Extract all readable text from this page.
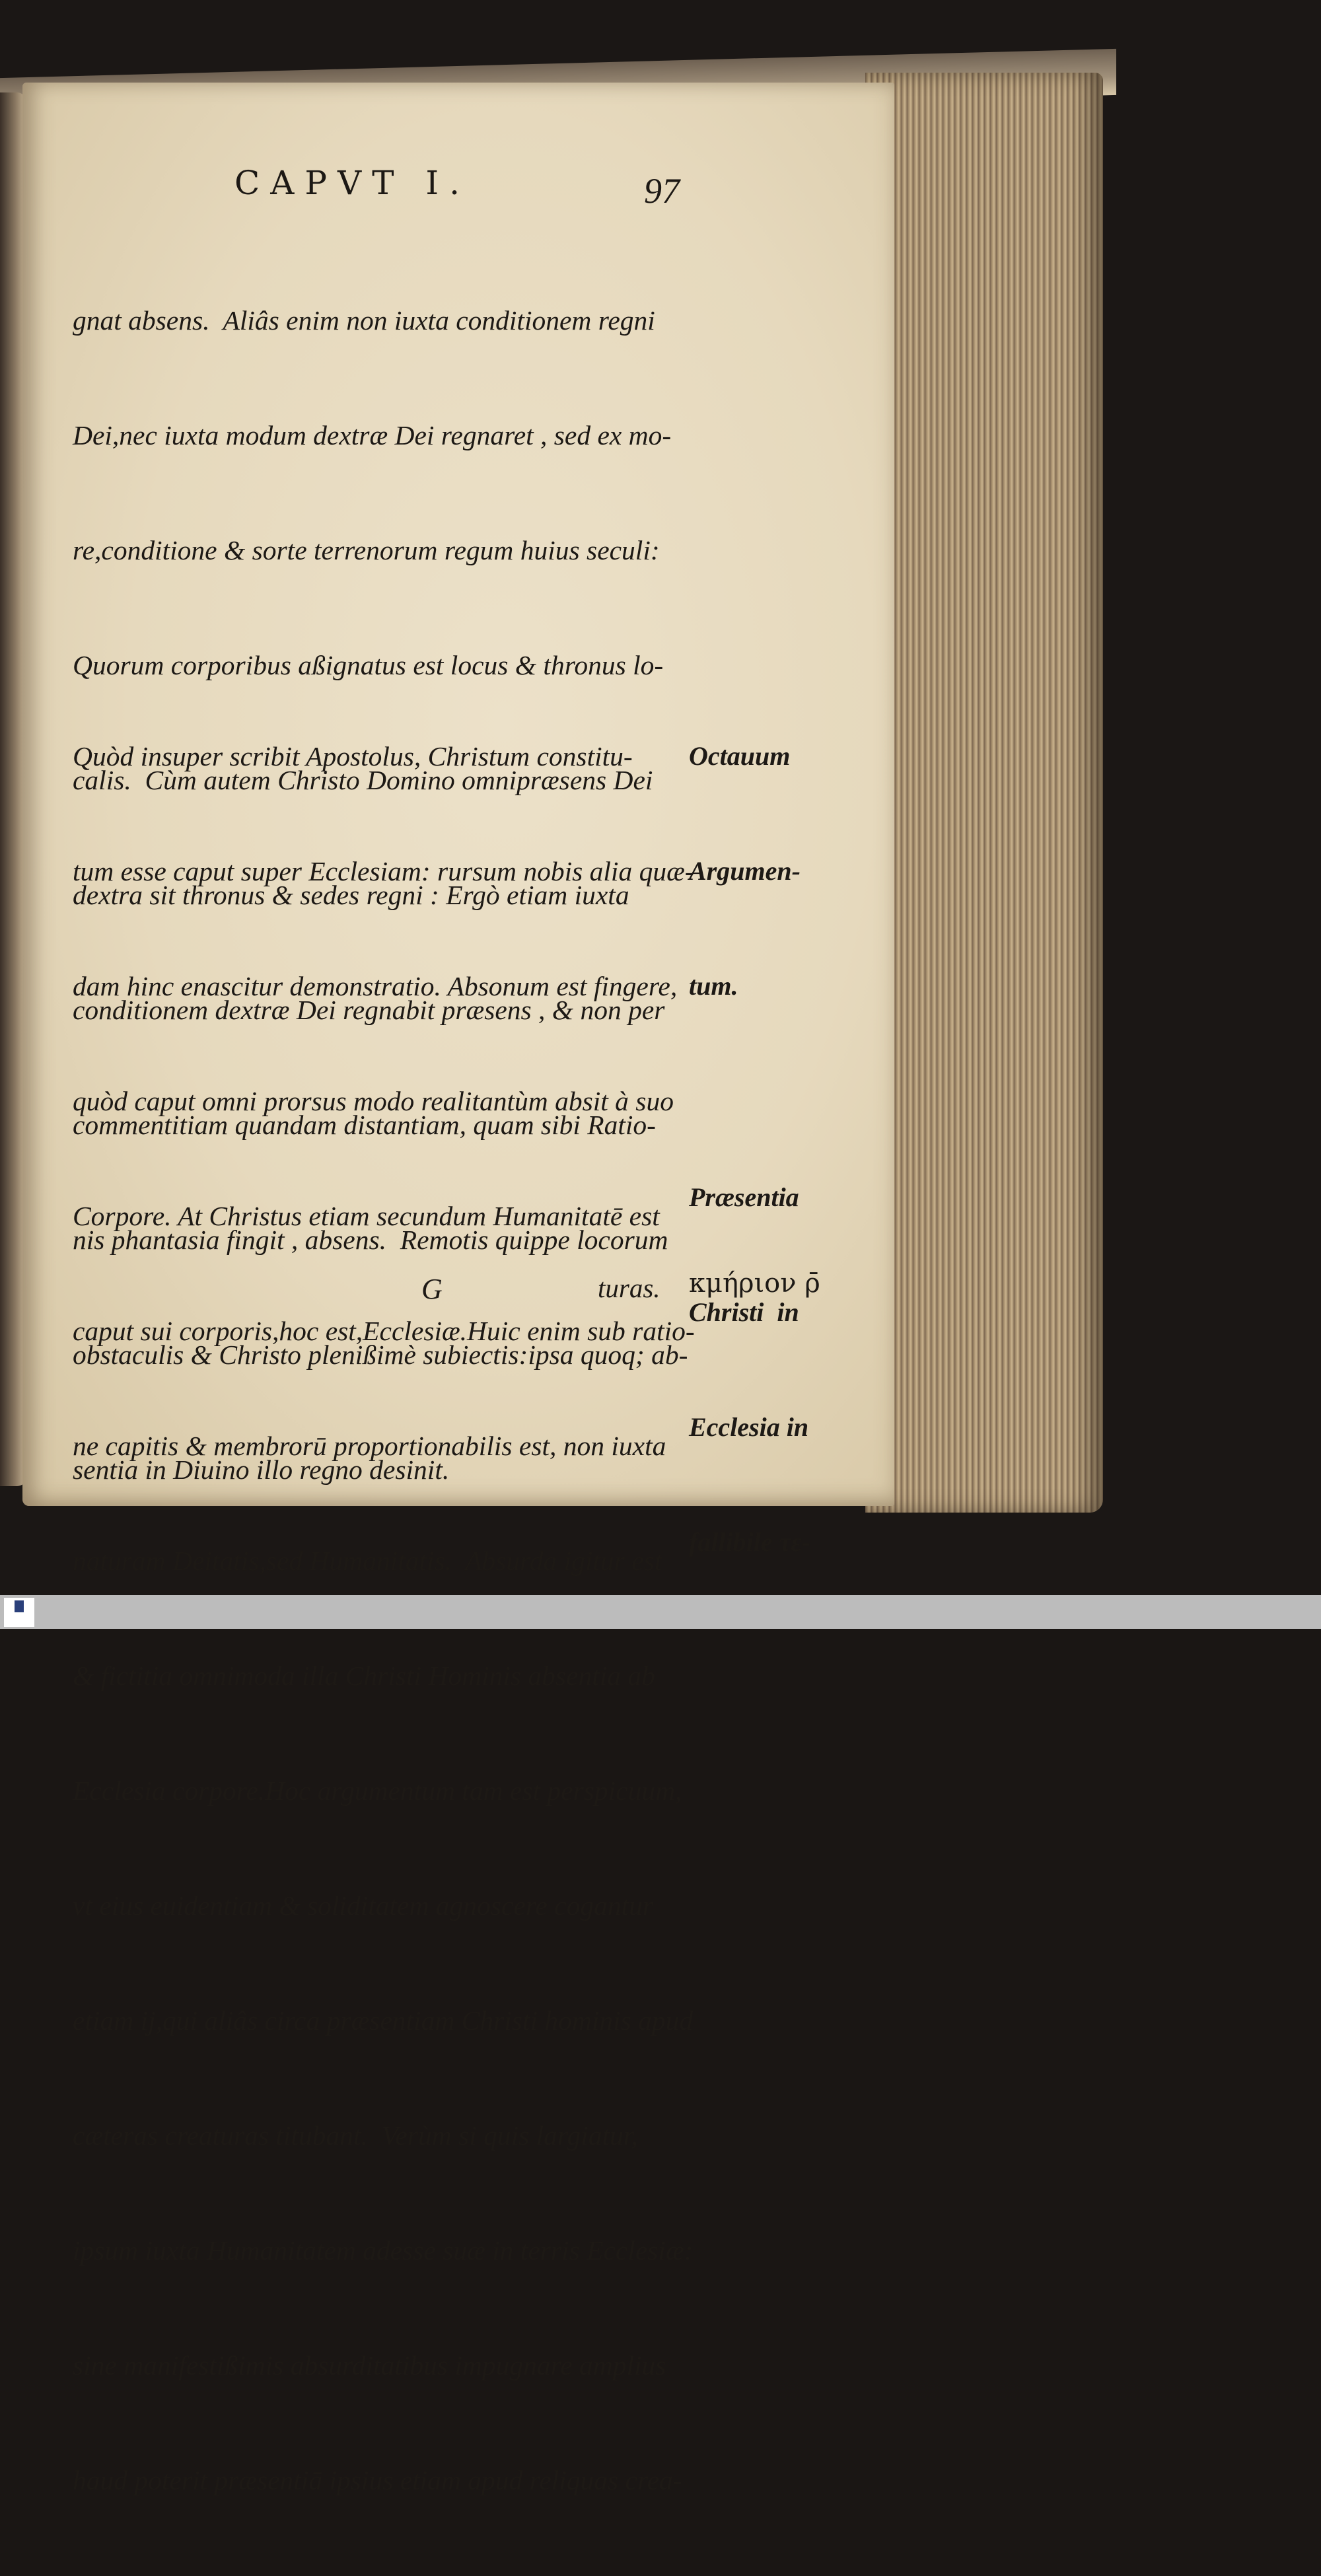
CAPVT I.	97

gnat absens.  Aliâs enim non iuxta conditionem regni

Dei,nec iuxta modum dextræ Dei regnaret , sed ex mo-

re,conditione & sorte terrenorum regum huius seculi:

Quorum corporibus aßignatus est locus & thronus lo-

calis.  Cùm autem Christo Domino omnipræsens Dei

dextra sit thronus & sedes regni : Ergò etiam iuxta

conditionem dextræ Dei regnabit præsens , & non per

commentitiam quandam distantiam, quam sibi Ratio-

nis phantasia fingit , absens.  Remotis quippe locorum

obstaculis & Christo plenißimè subiectis:ipsa quoq; ab-

sentia in Diuino illo regno desinit.

Quòd insuper scribit Apostolus, Christum constitu-

tum esse caput super Ecclesiam: rursum nobis alia quæ-

dam hinc enascitur demonstratio. Absonum est fingere,

quòd caput omni prorsus modo realitantùm absit à suo

Corpore. At Christus etiam secundum Humanitatē est

caput sui corporis,hoc est,Ecclesiæ.Huic enim sub ratio-

ne capitis & membrorū proportionabilis est, non iuxta

naturam Deitatis,sed Humanitatis.  Absurda igitur est

& fictitia omnimoda illa Christi Hominis absentia ab

Ecclesia corpore.Hoc argumentum tam est perspicuum,

vt eius euidentiam & soliditatem agnoscere cogantur

etiam ij,qui aliâs circa præsentiam Christi hominis apud

cæteras creaturas titubant.  Verùm si quis largiatur,

ipsum iuxta Humanitatem adesse suæ in terris Ecclesiæ:

sine manifestißimis absurditatibus impugnare amplius

haud poterit præsentiā ipsius etiam apud reliquas crea-

Octauum

Argumen-

tum.

Præsentia

Christi  in

Ecclesia in

fallibile τε-

G	turas. κμήριον ρ̄
